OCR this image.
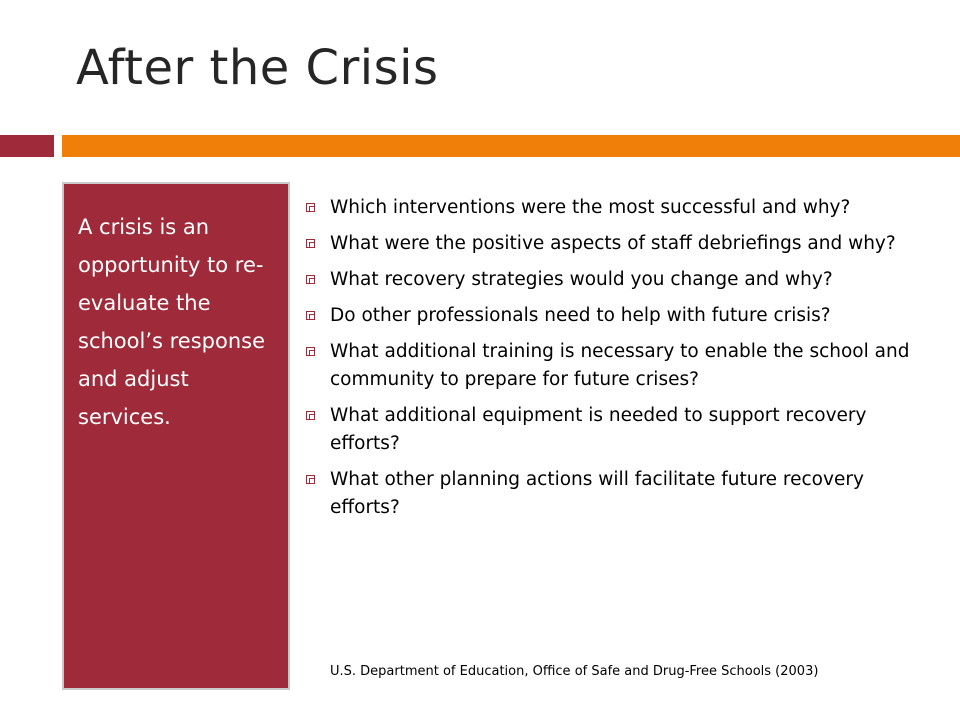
After the Crisis
A crisis is an opportunity to re-evaluate the school’s response and adjust services.
Which interventions were the most successful and why?
What were the positive aspects of staff debriefings and why?
What recovery strategies would you change and why?
Do other professionals need to help with future crisis?
What additional training is necessary to enable the school and community to prepare for future crises?
What additional equipment is needed to support recovery efforts?
What other planning actions will facilitate future recovery efforts?
U.S. Department of Education, Office of Safe and Drug-Free Schools (2003)
